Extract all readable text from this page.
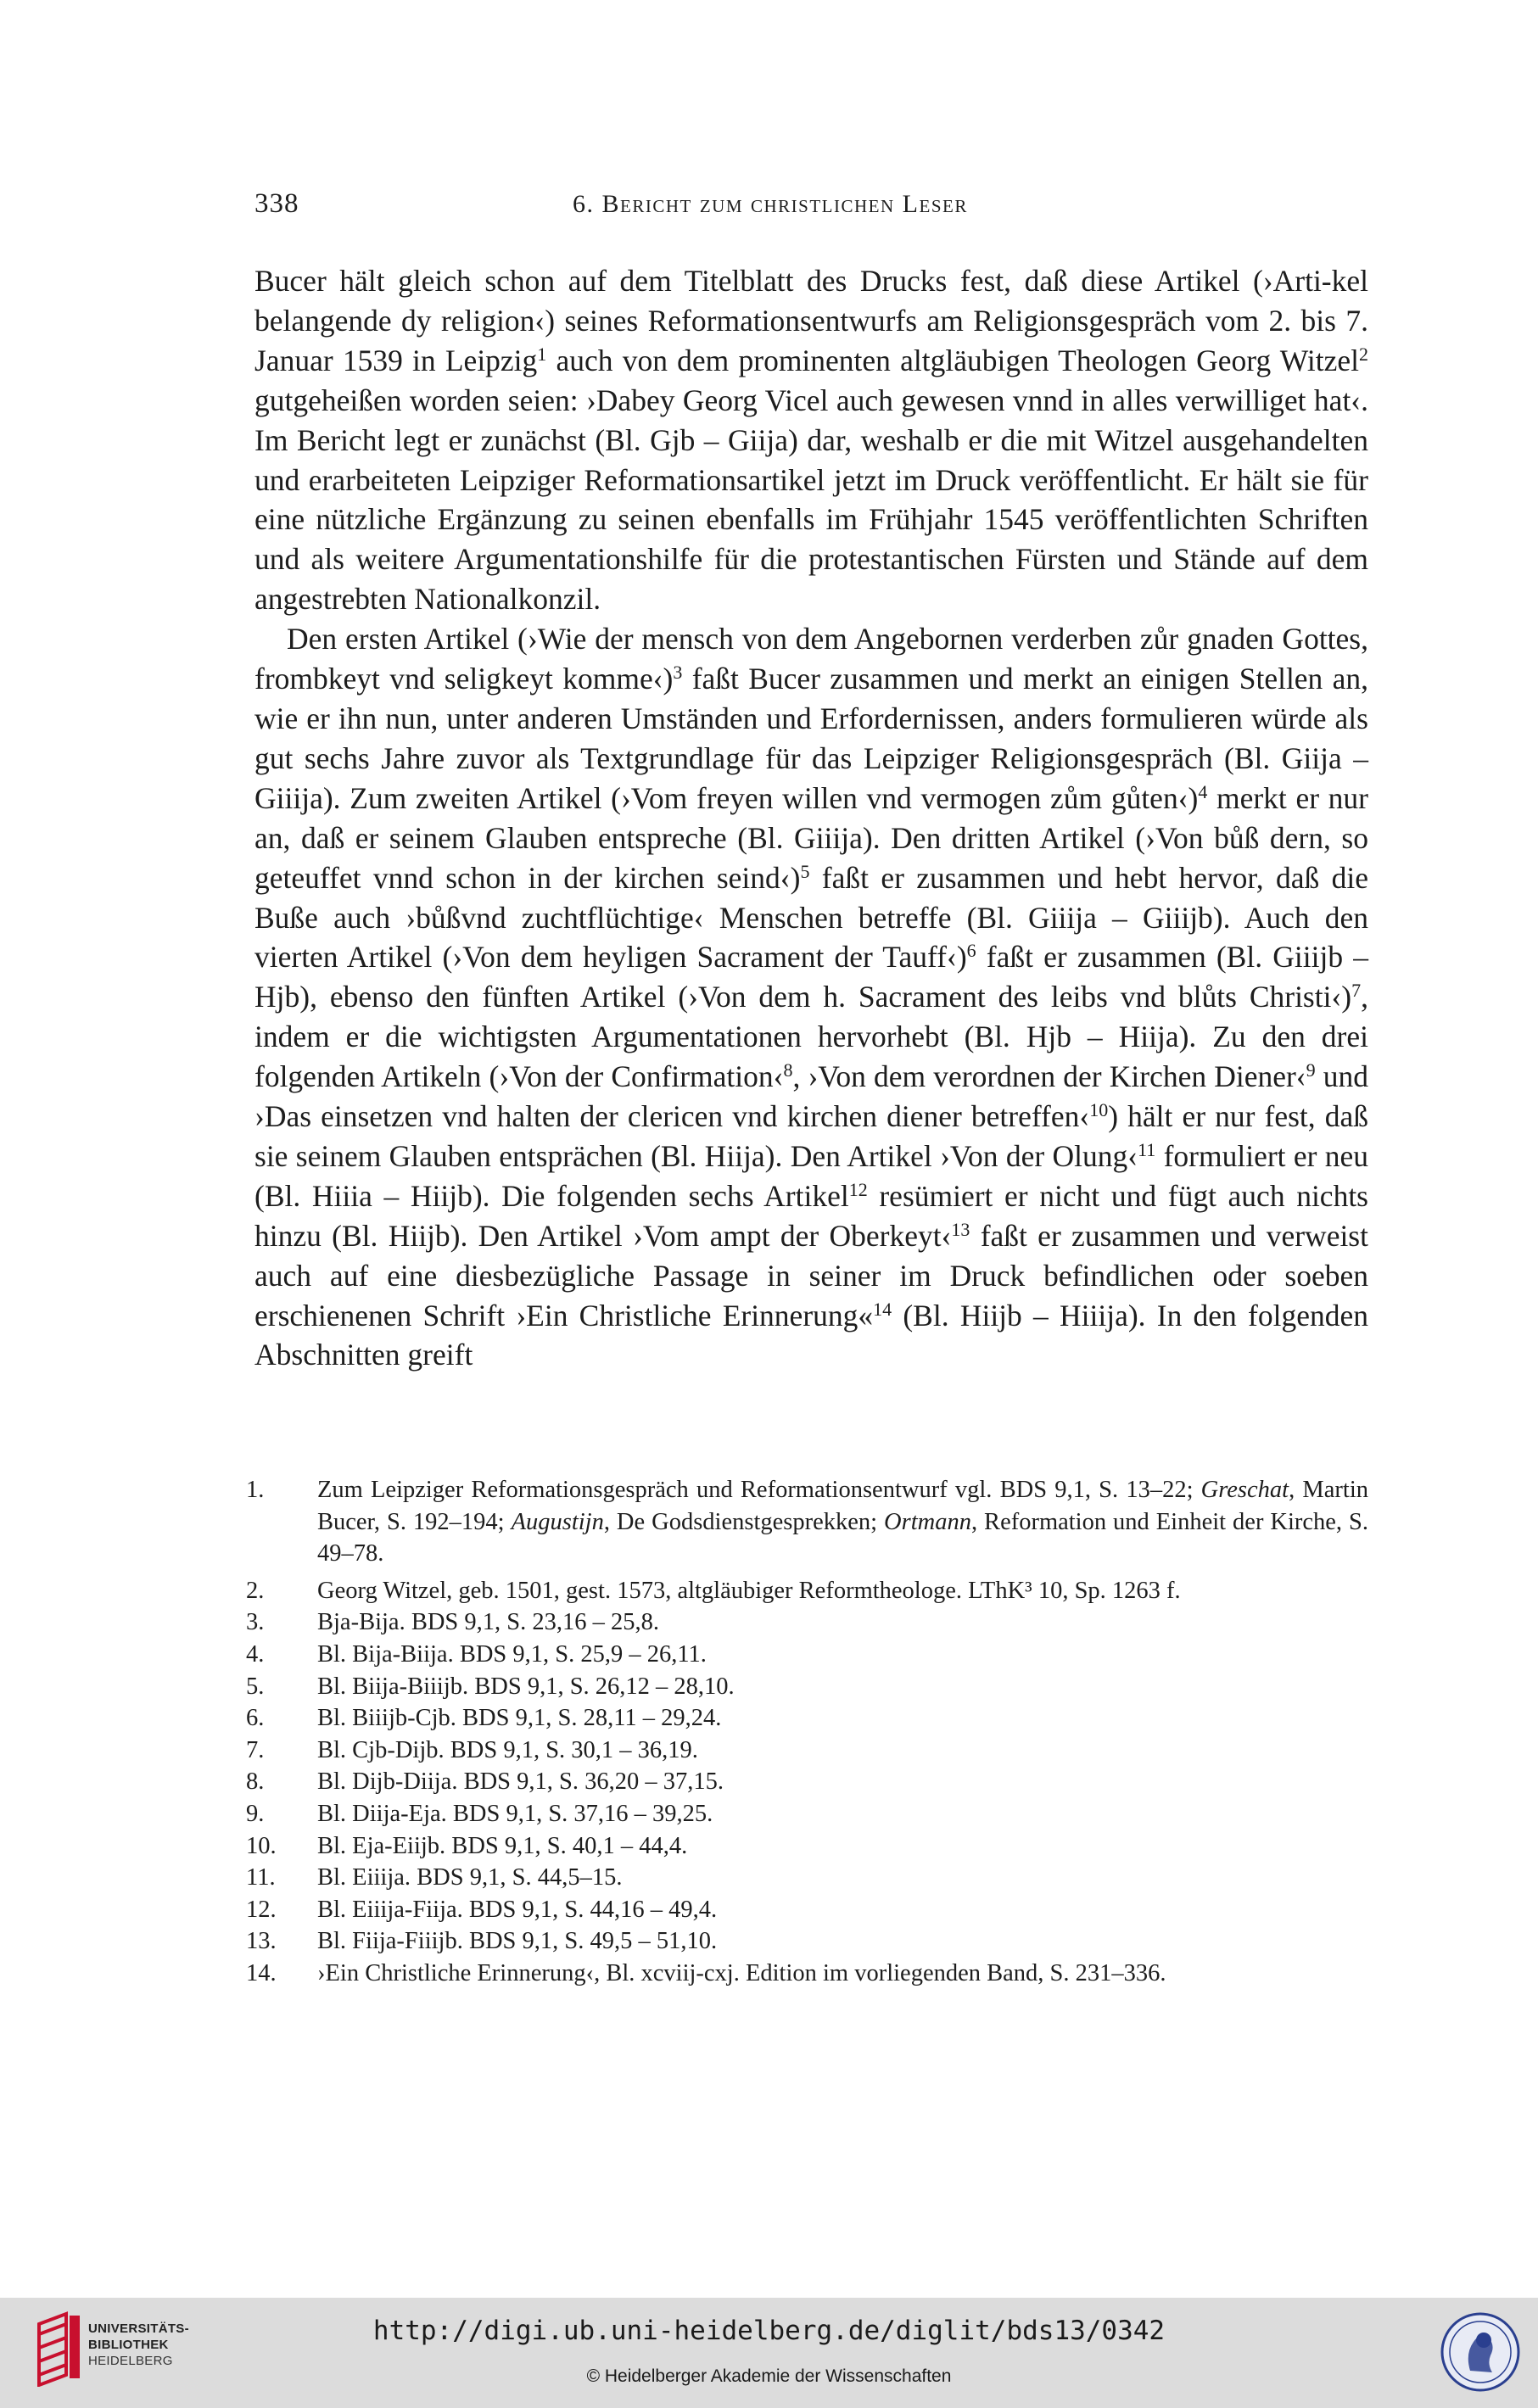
338	6. Bericht zum christlichen Leser

Bucer hält gleich schon auf dem Titelblatt des Drucks fest, daß diese Artikel (›Arti-kel belangende dy religion‹) seines Reformationsentwurfs am Religionsgespräch vom 2. bis 7. Januar 1539 in Leipzig$^1$ auch von dem prominenten altgläubigen Theologen Georg Witzel$^2$ gutgeheißen worden seien: ›Dabey Georg Vicel auch gewesen vnnd in alles verwilliget hat‹. Im Bericht legt er zunächst (Bl. Gjb – Giija) dar, weshalb er die mit Witzel ausgehandelten und erarbeiteten Leipziger Reformationsartikel jetzt im Druck veröffentlicht. Er hält sie für eine nützliche Ergänzung zu seinen ebenfalls im Frühjahr 1545 veröffentlichten Schriften und als weitere Argumentationshilfe für die protestantischen Fürsten und Stände auf dem angestrebten Nationalkonzil.

Den ersten Artikel (›Wie der mensch von dem Angebornen verderben zůr gnaden Gottes, frombkeyt vnd seligkeyt komme‹)$^3$ faßt Bucer zusammen und merkt an einigen Stellen an, wie er ihn nun, unter anderen Umständen und Erfordernissen, anders formulieren würde als gut sechs Jahre zuvor als Textgrundlage für das Leipziger Religionsgespräch (Bl. Giija – Giiija). Zum zweiten Artikel (›Vom freyen willen vnd vermogen zům gůten‹)$^4$ merkt er nur an, daß er seinem Glauben entspreche (Bl. Giiija). Den dritten Artikel (›Von bůß dern, so geteuffet vnnd schon in der kirchen seind‹)$^5$ faßt er zusammen und hebt hervor, daß die Buße auch ›bůßvnd zuchtflüchtige‹ Menschen betreffe (Bl. Giiija – Giiijb). Auch den vierten Artikel (›Von dem heyligen Sacrament der Tauff‹)$^6$ faßt er zusammen (Bl. Giiijb – Hjb), ebenso den fünften Artikel (›Von dem h. Sacrament des leibs vnd blůts Christi‹)$^7$, indem er die wichtigsten Argumentationen hervorhebt (Bl. Hjb – Hiija). Zu den drei folgenden Artikeln (›Von der Confirmation‹$^8$, ›Von dem verordnen der Kirchen Diener‹$^9$ und ›Das einsetzen vnd halten der clericen vnd kirchen diener betreffen‹$^{10}$) hält er nur fest, daß sie seinem Glauben entsprächen (Bl. Hiija). Den Artikel ›Von der Olung‹$^{11}$ formuliert er neu (Bl. Hiiia – Hiijb). Die folgenden sechs Artikel$^{12}$ resümiert er nicht und fügt auch nichts hinzu (Bl. Hiijb). Den Artikel ›Vom ampt der Oberkeyt‹$^{13}$ faßt er zusammen und verweist auch auf eine diesbezügliche Passage in seiner im Druck befindlichen oder soeben erschienenen Schrift ›Ein Christliche Erinnerung«$^{14}$ (Bl. Hiijb – Hiiija). In den folgenden Abschnitten greift

1. Zum Leipziger Reformationsgespräch und Reformationsentwurf vgl. BDS 9,1, S. 13–22; Greschat, Martin Bucer, S. 192–194; Augustijn, De Godsdienstgesprekken; Ortmann, Reformation und Einheit der Kirche, S. 49–78.

2. Georg Witzel, geb. 1501, gest. 1573, altgläubiger Reformtheologe. LThK³ 10, Sp. 1263 f.

3. Bja-Bija. BDS 9,1, S. 23,16 – 25,8.

4. Bl. Bija-Biija. BDS 9,1, S. 25,9 – 26,11.

5. Bl. Biija-Biiijb. BDS 9,1, S. 26,12 – 28,10.

6. Bl. Biiijb-Cjb. BDS 9,1, S. 28,11 – 29,24.

7. Bl. Cjb-Dijb. BDS 9,1, S. 30,1 – 36,19.

8. Bl. Dijb-Diija. BDS 9,1, S. 36,20 – 37,15.

9. Bl. Diija-Eja. BDS 9,1, S. 37,16 – 39,25.

10. Bl. Eja-Eiijb. BDS 9,1, S. 40,1 – 44,4.

11. Bl. Eiiija. BDS 9,1, S. 44,5–15.

12. Bl. Eiiija-Fiija. BDS 9,1, S. 44,16 – 49,4.

13. Bl. Fiija-Fiiijb. BDS 9,1, S. 49,5 – 51,10.

14. ›Ein Christliche Erinnerung‹, Bl. xcviij-cxj. Edition im vorliegenden Band, S. 231–336.

UNIVERSITÄTS-
BIBLIOTHEK
HEIDELBERG
http://digi.ub.uni-heidelberg.de/diglit/bds13/0342
© Heidelberger Akademie der Wissenschaften
